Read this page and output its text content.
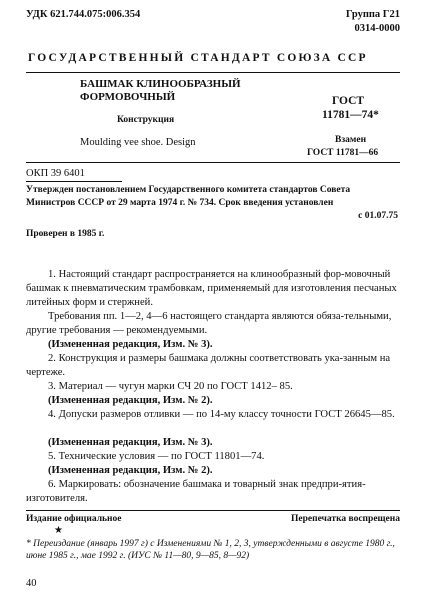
УДК 621.744.075:006.354	Группа Г21
0314-0000
ГОСУДАРСТВЕННЫЙ СТАНДАРТ СОЮЗА ССР
БАШМАК КЛИНООБРАЗНЫЙ
ФОРМОВОЧНЫЙ
Конструкция
Moulding vee shoe. Design
ГОСТ
11781—74*
Взамен
ГОСТ 11781—66
ОКП 39 6401
Утвержден постановлением Государственного комитета стандартов Совета
Министров СССР от 29 марта 1974 г. № 734. Срок введения установлен
с 01.07.75
Проверен в 1985 г.
1. Настоящий стандарт распространяется на клинообразный фор-мовочный башмак к пневматическим трамбовкам, применяемый для изготовления песчаных литейных форм и стержней.
Требования пп. 1—2, 4—6 настоящего стандарта являются обяза-тельными, другие требования — рекомендуемыми.
(Измененная редакция, Изм. № 3).
2. Конструкция и размеры башмака должны соответствовать ука-занным на чертеже.
3. Материал — чугун марки СЧ 20 по ГОСТ 1412– 85.
(Измененная редакция, Изм. № 2).
4. Допуски размеров отливки — по 14-му классу точности ГОСТ 26645—85.
(Измененная редакция, Изм. № 3).
5. Технические условия — по ГОСТ 11801—74.
(Измененная редакция, Изм. № 2).
6. Маркировать: обозначение башмака и товарный знак предпри-ятия-изготовителя.
Издание официальное	Перепечатка воспрещена
★
* Переиздание (январь 1997 г) с Изменениями № 1, 2, 3, утвержденными в августе 1980 г., июне 1985 г., мае 1992 г. (ИУС № 11—80, 9—85, 8—92)
40
